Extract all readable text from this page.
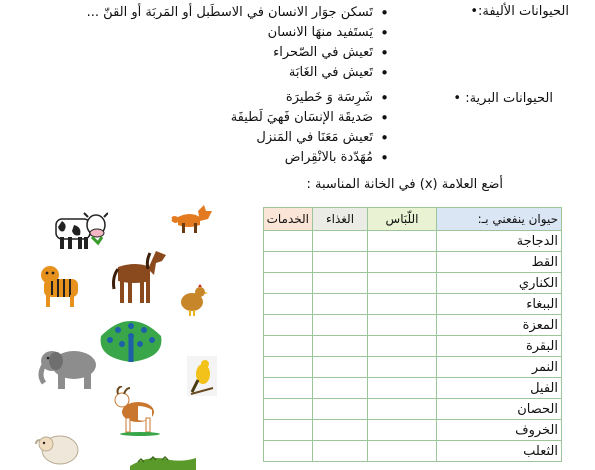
الحيوانات الأليفة:•
الحيوانات البرية: •
• تَسكن جوَار الانسان في الاسطَبل أو المَربَة أو القنّ ...
• يَستَفيد منهَا الانسان
• تَعيش في الصّحراء
• تَعيش في الغَابَة
• شَرِسَة وَ خَطيرَة
• صَديقَة الإنسَان فَهيَ لَطيفَة
• تَعيش مَعَنَا في المَنزل
• مُهَدّدة بالانْقِراض
أضع العلامة (x) في الخانة المناسبة :
حيوان ينفعني بـ:	اللّبَاس	الغذاء	الخدمات
الدجاجة			
القط			
الكناري			
الببغاء			
المعزة			
البقرة			
النمر			
الفيل			
الحصان			
الخروف			
الثعلب			
